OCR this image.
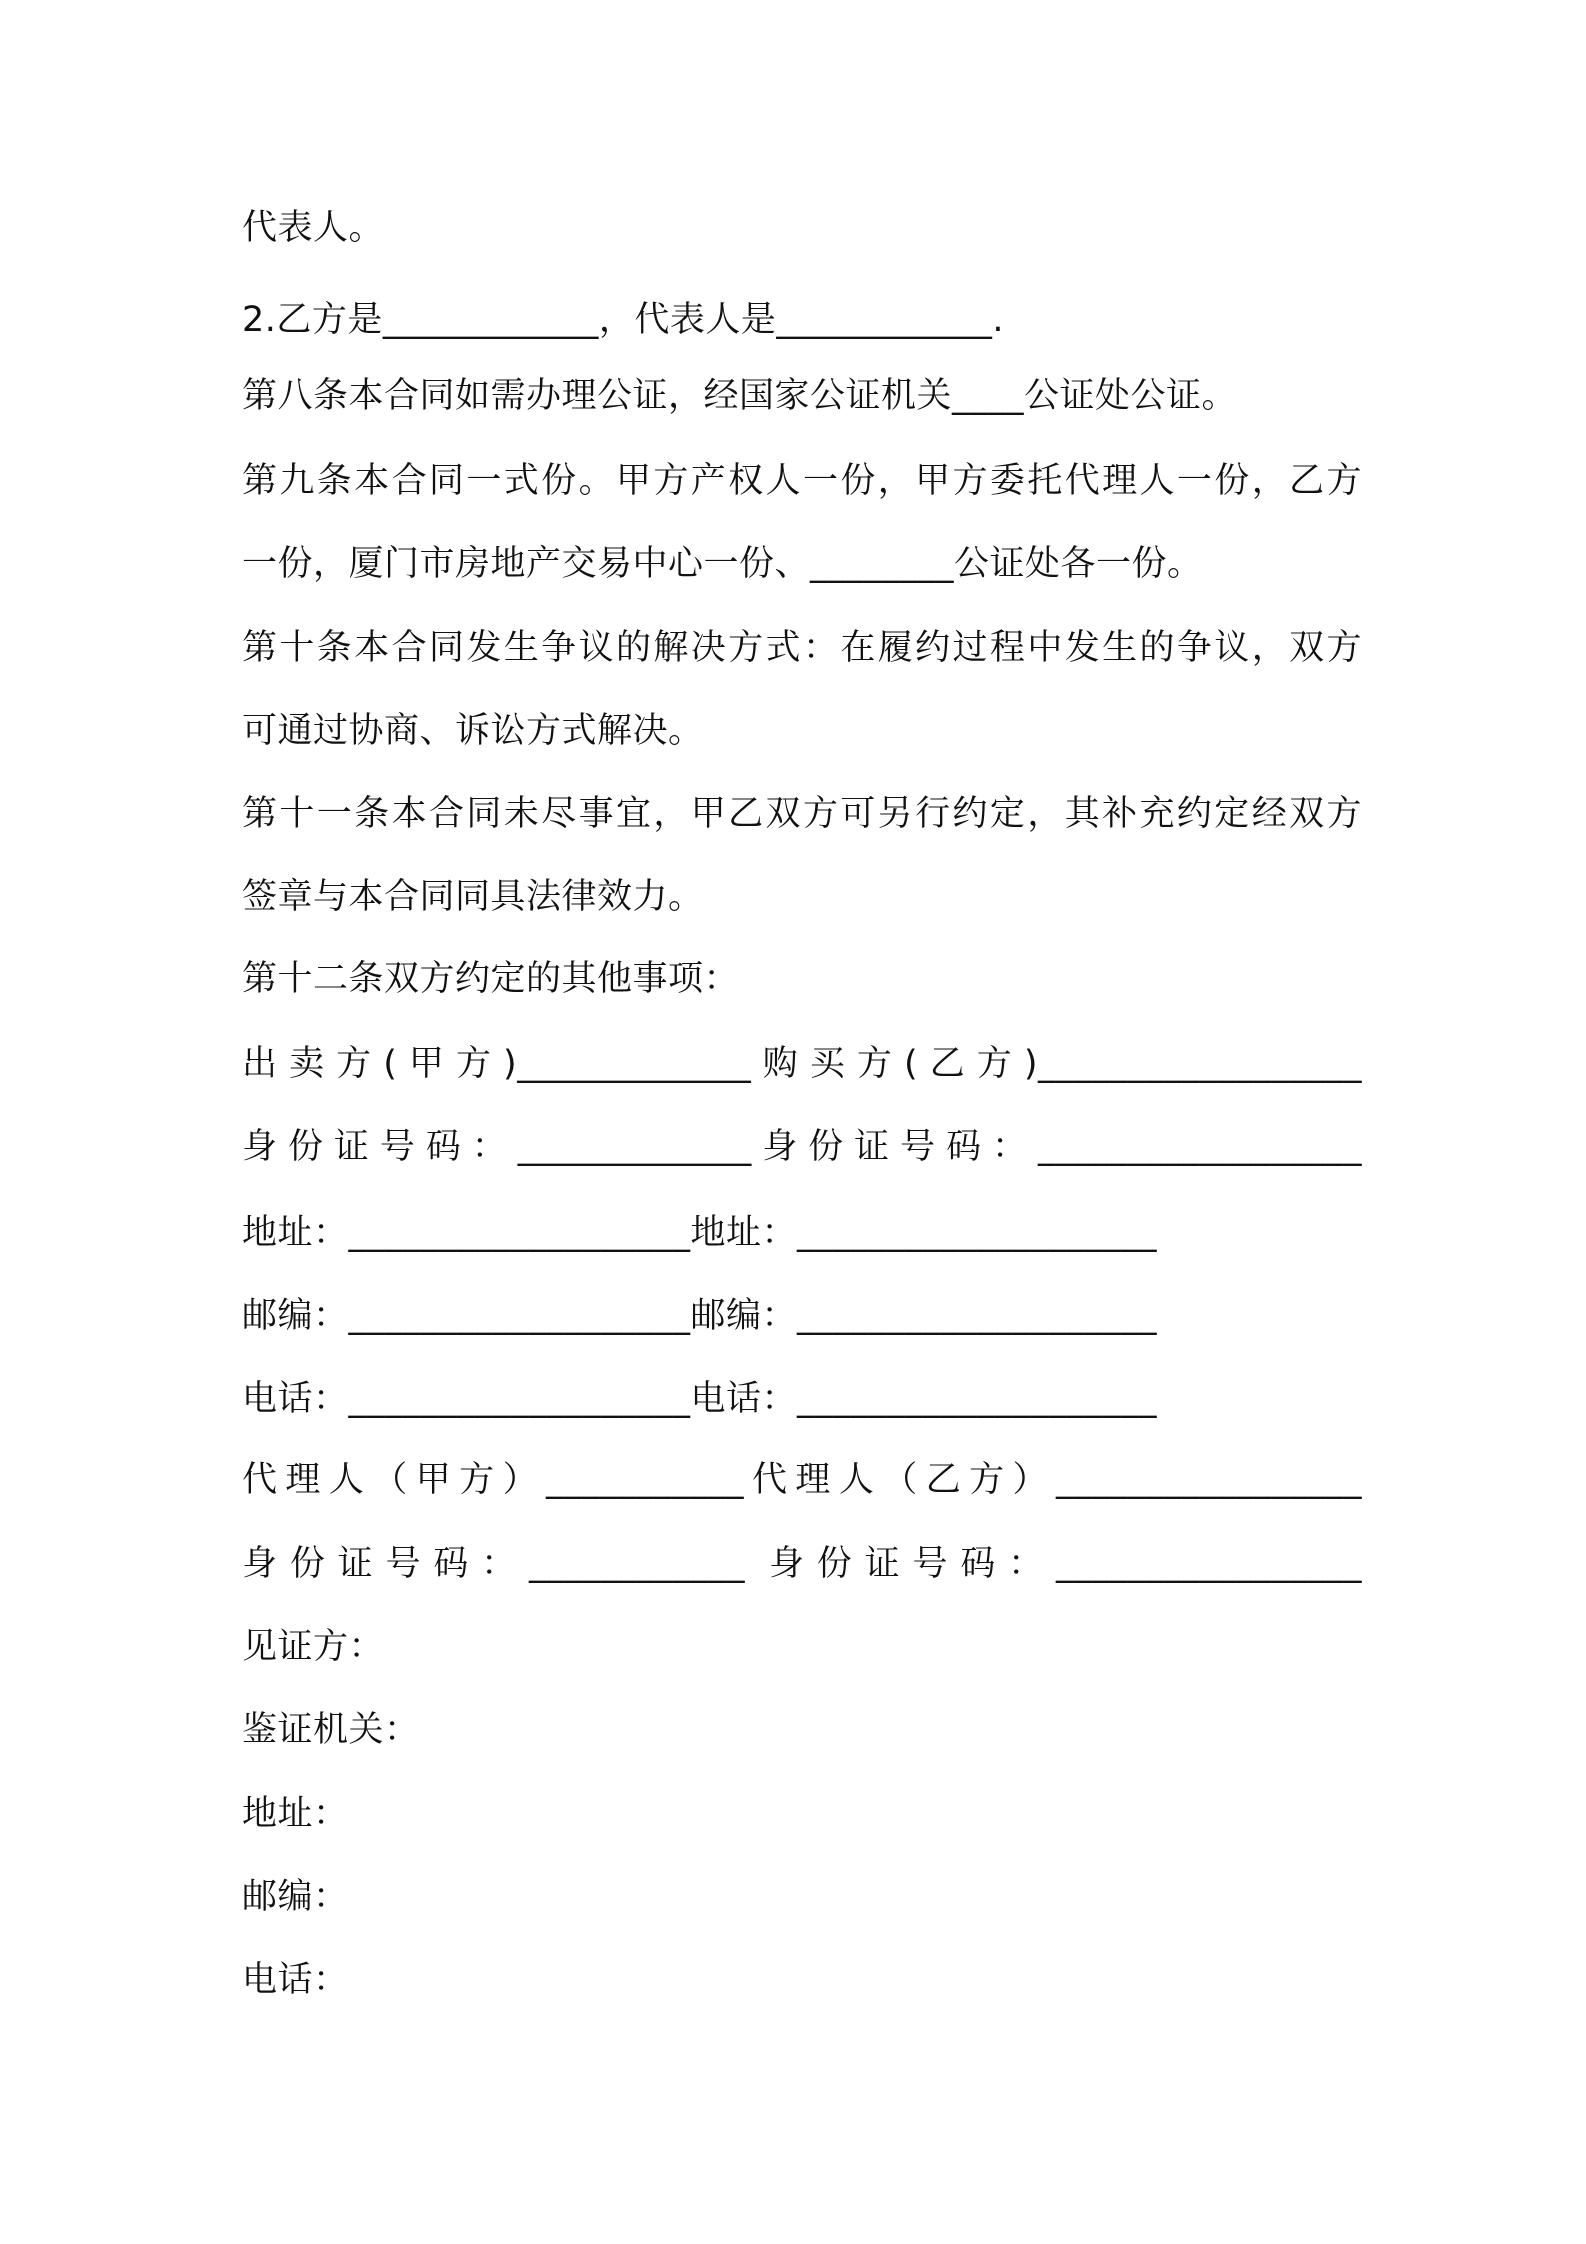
代表人。
2.乙方是____________，代表人是____________.
第八条本合同如需办理公证，经国家公证机关____公证处公证。
第九条本合同一式份。甲方产权人一份，甲方委托代理人一份，乙方
一份，厦门市房地产交易中心一份、________公证处各一份。
第十条本合同发生争议的解决方式：在履约过程中发生的争议，双方
可通过协商、诉讼方式解决。
第十一条本合同未尽事宜，甲乙双方可另行约定，其补充约定经双方
签章与本合同同具法律效力。
第十二条双方约定的其他事项：
出卖方(甲方)_____________购买方(乙方)__________________
身份证号码：_____________身份证号码：__________________
地址：___________________地址：____________________
邮编：___________________邮编：____________________
电话：___________________电话：____________________
代理人（甲方）___________代理人（乙方）_________________
身份证号码：____________ 身份证号码：_________________
见证方：
鉴证机关：
地址：
邮编：
电话：
